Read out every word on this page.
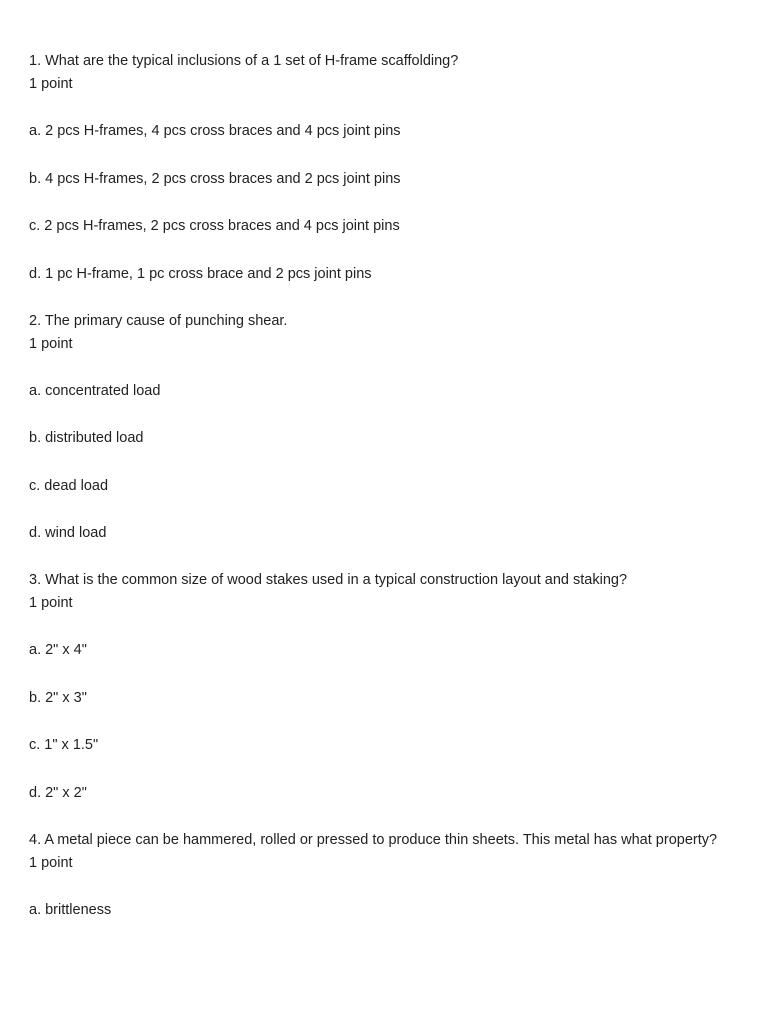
1. What are the typical inclusions of a 1 set of H-frame scaffolding?

1 point

a. 2 pcs H-frames, 4 pcs cross braces and 4 pcs joint pins
b. 4 pcs H-frames, 2 pcs cross braces and 2 pcs joint pins
c. 2 pcs H-frames, 2 pcs cross braces and 4 pcs joint pins
d. 1 pc H-frame, 1 pc cross brace and 2 pcs joint pins

2. The primary cause of punching shear.

1 point

a. concentrated load
b. distributed load
c. dead load
d. wind load

3. What is the common size of wood stakes used in a typical construction layout and staking?

1 point

a. 2" x 4"
b. 2" x 3"
c. 1" x 1.5"
d. 2" x 2"

4. A metal piece can be hammered, rolled or pressed to produce thin sheets. This metal has what property?

1 point

a. brittleness
